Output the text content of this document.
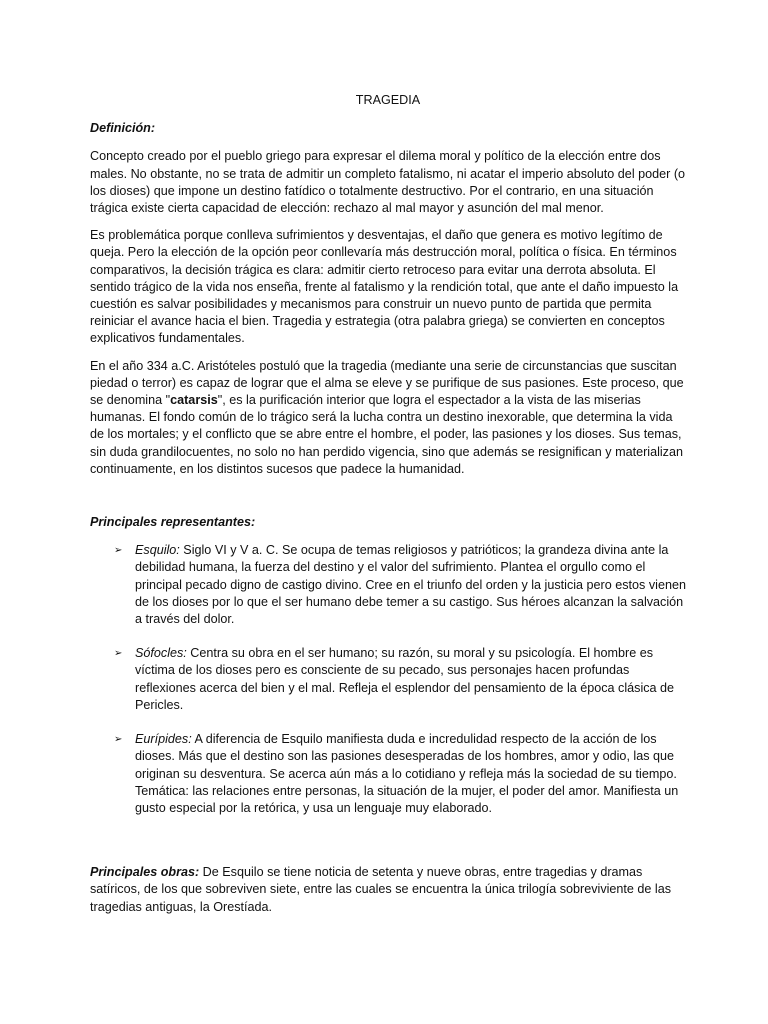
TRAGEDIA
Definición:

Concepto creado por el pueblo griego para expresar el dilema moral y político de la elección entre dos males. No obstante, no se trata de admitir un completo fatalismo, ni acatar el imperio absoluto del poder (o los dioses) que impone un destino fatídico o totalmente destructivo. Por el contrario, en una situación trágica existe cierta capacidad de elección: rechazo al mal mayor y asunción del mal menor.

Es problemática porque conlleva sufrimientos y desventajas, el daño que genera es motivo legítimo de queja. Pero la elección de la opción peor conllevaría más destrucción moral, política o física. En términos comparativos, la decisión trágica es clara: admitir cierto retroceso para evitar una derrota absoluta. El sentido trágico de la vida nos enseña, frente al fatalismo y la rendición total, que ante el daño impuesto la cuestión es salvar posibilidades y mecanismos para construir un nuevo punto de partida que permita reiniciar el avance hacia el bien. Tragedia y estrategia (otra palabra griega) se convierten en conceptos explicativos fundamentales.

En el año 334 a.C. Aristóteles postuló que la tragedia (mediante una serie de circunstancias que suscitan piedad o terror) es capaz de lograr que el alma se eleve y se purifique de sus pasiones. Este proceso, que se denomina "catarsis", es la purificación interior que logra el espectador a la vista de las miserias humanas. El fondo común de lo trágico será la lucha contra un destino inexorable, que determina la vida de los mortales; y el conflicto que se abre entre el hombre, el poder, las pasiones y los dioses. Sus temas, sin duda grandilocuentes, no solo no han perdido vigencia, sino que además se resignifican y materializan continuamente, en los distintos sucesos que padece la humanidad.

Principales representantes:
➢ Esquilo: Siglo VI y V a. C. Se ocupa de temas religiosos y patrióticos; la grandeza divina ante la debilidad humana, la fuerza del destino y el valor del sufrimiento. Plantea el orgullo como el principal pecado digno de castigo divino. Cree en el triunfo del orden y la justicia pero estos vienen de los dioses por lo que el ser humano debe temer a su castigo. Sus héroes alcanzan la salvación a través del dolor.
➢ Sófocles: Centra su obra en el ser humano; su razón, su moral y su psicología. El hombre es víctima de los dioses pero es consciente de su pecado, sus personajes hacen profundas reflexiones acerca del bien y el mal. Refleja el esplendor del pensamiento de la época clásica de Pericles.
➢ Eurípides: A diferencia de Esquilo manifiesta duda e incredulidad respecto de la acción de los dioses. Más que el destino son las pasiones desesperadas de los hombres, amor y odio, las que originan su desventura. Se acerca aún más a lo cotidiano y refleja más la sociedad de su tiempo. Temática: las relaciones entre personas, la situación de la mujer, el poder del amor. Manifiesta un gusto especial por la retórica, y usa un lenguaje muy elaborado.

Principales obras: De Esquilo se tiene noticia de setenta y nueve obras, entre tragedias y dramas satíricos, de los que sobreviven siete, entre las cuales se encuentra la única trilogía sobreviviente de las tragedias antiguas, la Orestíada.
